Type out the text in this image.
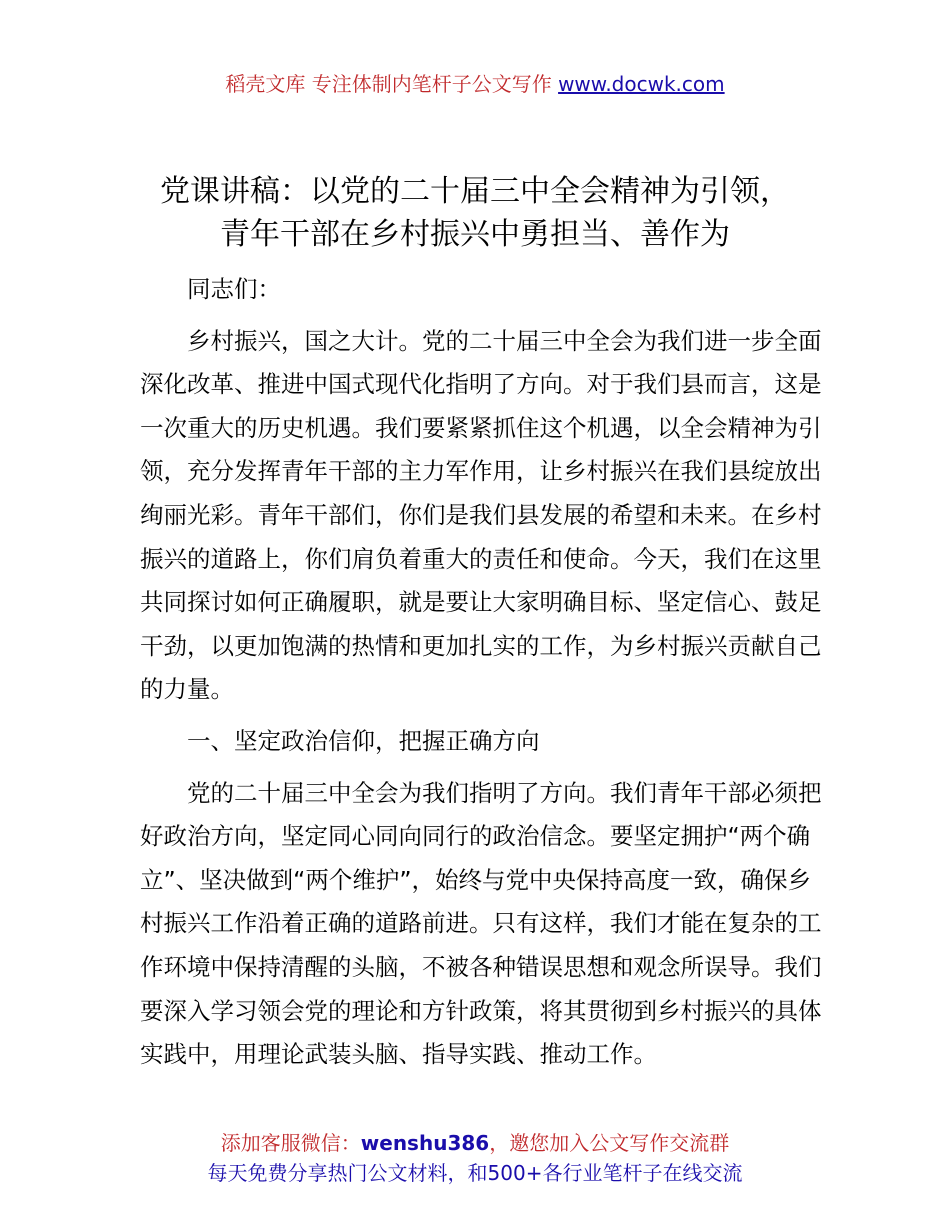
稻壳文库 专注体制内笔杆子公文写作 www.docwk.com
党课讲稿：以党的二十届三中全会精神为引领，
青年干部在乡村振兴中勇担当、善作为

同志们：

乡村振兴，国之大计。党的二十届三中全会为我们进一步全面深化改革、推进中国式现代化指明了方向。对于我们县而言，这是一次重大的历史机遇。我们要紧紧抓住这个机遇，以全会精神为引领，充分发挥青年干部的主力军作用，让乡村振兴在我们县绽放出绚丽光彩。青年干部们，你们是我们县发展的希望和未来。在乡村振兴的道路上，你们肩负着重大的责任和使命。今天，我们在这里共同探讨如何正确履职，就是要让大家明确目标、坚定信心、鼓足干劲，以更加饱满的热情和更加扎实的工作，为乡村振兴贡献自己的力量。

一、坚定政治信仰，把握正确方向

党的二十届三中全会为我们指明了方向。我们青年干部必须把好政治方向，坚定同心同向同行的政治信念。要坚定拥护“两个确立”、坚决做到“两个维护”，始终与党中央保持高度一致，确保乡村振兴工作沿着正确的道路前进。只有这样，我们才能在复杂的工作环境中保持清醒的头脑，不被各种错误思想和观念所误导。我们要深入学习领会党的理论和方针政策，将其贯彻到乡村振兴的具体实践中，用理论武装头脑、指导实践、推动工作。

添加客服微信：wenshu386，邀您加入公文写作交流群
每天免费分享热门公文材料，和500+各行业笔杆子在线交流
